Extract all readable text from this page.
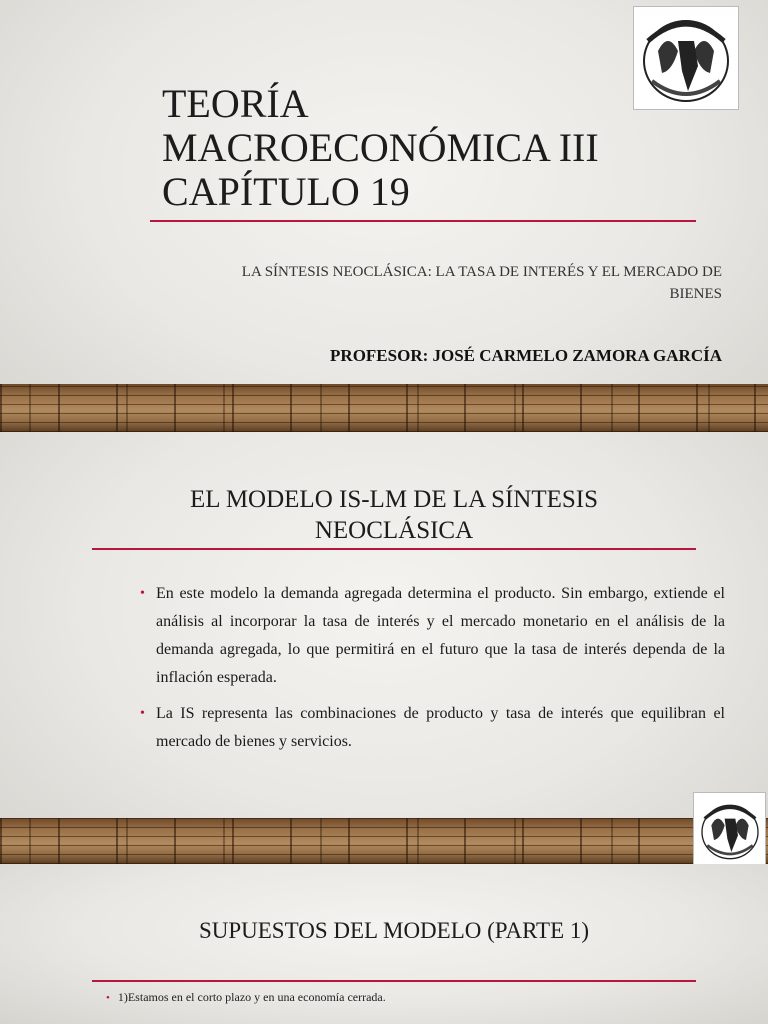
TEORÍA
MACROECONÓMICA III
CAPÍTULO 19
LA SÍNTESIS NEOCLÁSICA: LA TASA DE INTERÉS Y EL MERCADO DE
BIENES
PROFESOR: JOSÉ CARMELO ZAMORA GARCÍA
EL MODELO IS-LM DE LA SÍNTESIS
NEOCLÁSICA
• En este modelo la demanda agregada determina el producto. Sin embargo, extiende el análisis al incorporar la tasa de interés y el mercado monetario en el análisis de la demanda agregada, lo que permitirá en el futuro que la tasa de interés dependa de la inflación esperada.
• La IS representa las combinaciones de producto y tasa de interés que equilibran el mercado de bienes y servicios.
SUPUESTOS DEL MODELO (PARTE 1)
• 1)Estamos en el corto plazo y en una economía cerrada.
